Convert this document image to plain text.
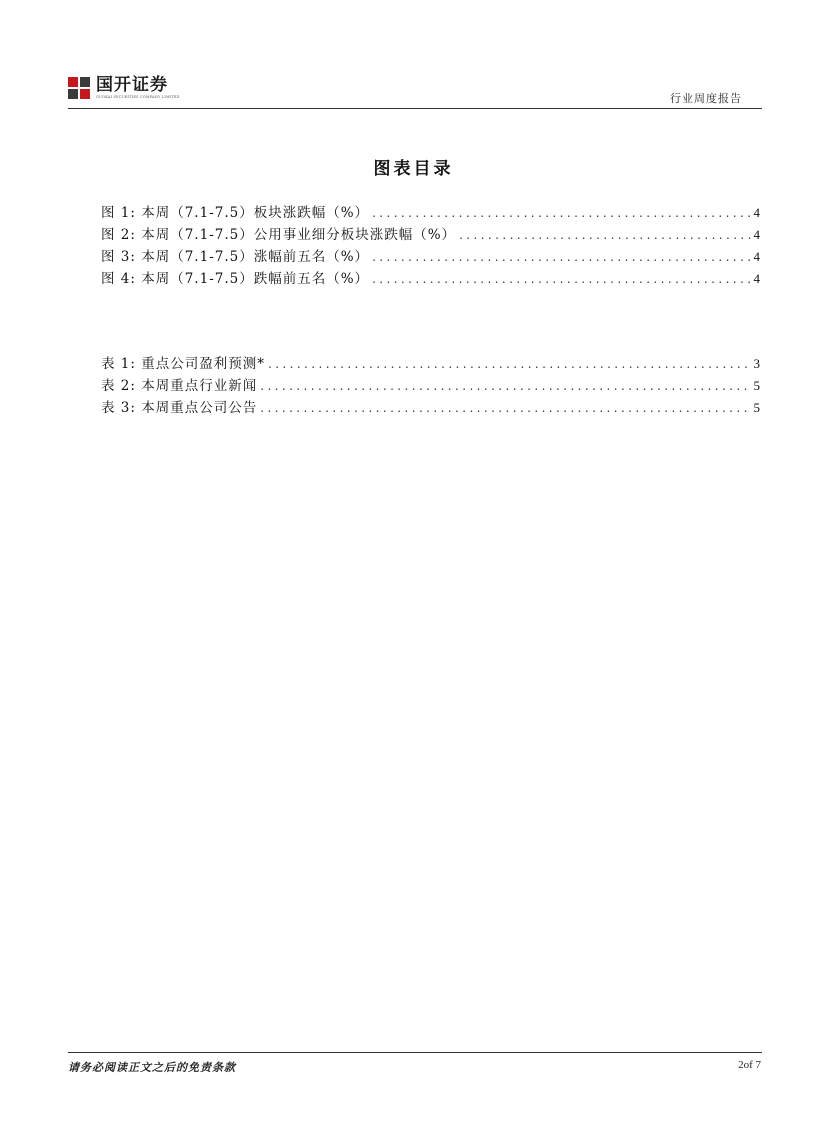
国开证券
GUOKAI SECURITIES COMPANY LIMITED	行业周度报告
图表目录
图 1: 本周（7.1-7.5）板块涨跌幅（%） .....	4
图 2: 本周（7.1-7.5）公用事业细分板块涨跌幅（%） .....	4
图 3: 本周（7.1-7.5）涨幅前五名（%） .....	4
图 4: 本周（7.1-7.5）跌幅前五名（%） .....	4
表 1: 重点公司盈利预测* .....	3
表 2: 本周重点行业新闻 .....	5
表 3: 本周重点公司公告 .....	5
请务必阅读正文之后的免责条款	2of 7
